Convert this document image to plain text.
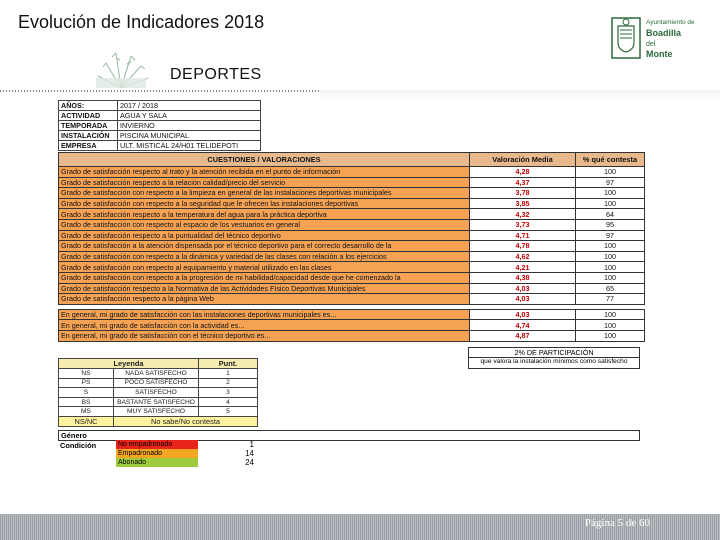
Evolución de Indicadores 2018
DEPORTES
Ayuntamiento de
Boadilla
del
Monte
AÑOS:	2017 / 2018
ACTIVIDAD	AGUA Y SALA
TEMPORADA	INVIERNO
INSTALACIÓN	PISCINA MUNICIPAL
EMPRESA	ULT. MISTICAL 24/H01 TELIDEPOTI
CUESTIONES / VALORACIONES	Valoración Media	% qué contesta
Grado de satisfacción respecto al trato y la atención recibida en el punto de información	4,28	100
Grado de satisfacción respecto a la relación calidad/precio del servicio	4,37	97
Grado de satisfacción con respecto a la limpieza en general de las instalaciones deportivas municipales	3,78	100
Grado de satisfacción con respecto a la seguridad que le ofrecen las instalaciones deportivas	3,85	100
Grado de satisfacción respecto a la temperatura del agua para la práctica deportiva	4,32	64
Grado de satisfacción con respecto al espacio de los vestuarios en general	3,73	95
Grado de satisfacción respecto a la puntualidad del técnico deportivo	4,71	97
Grado de satisfacción a la atención dispensada por el técnico deportivo para el correcto desarrollo de la	4,78	100
Grado de satisfacción con respecto a la dinámica y variedad de las clases con relación a los ejercicios	4,62	100
Grado de satisfacción con respecto al equipamiento y material utilizado en las clases	4,21	100
Grado de satisfacción con respecto a la progresión de mi habilidad/capacidad desde que he comenzado la	4,38	100
Grado de satisfacción respecto a la Normativa de las Actividades Físico Deportivas Municipales	4,03	65
Grado de satisfacción respecto a la página Web	4,03	77

En general, mi grado de satisfacción con las instalaciones deportivas municipales es...	4,03	100
En general, mi grado de satisfacción con la actividad es...	4,74	100
En general, mi grado de satisfacción con el técnico deportivo es...	4,87	100
2% DE PARTICIPACIÓN
que valora la instalación mínimos como satisfecho
Leyenda		Punt.
NS	NADA SATISFECHO	1
PS	POCO SATISFECHO	2
S	SATISFECHO	3
BS	BASTANTE SATISFECHO	4
MS	MUY SATISFECHO	5
NS/NC	No sabe/No contesta	
Género
Condición	No empadronado	1
Empadronado	14
Abonado	24
Página 5 de 60
